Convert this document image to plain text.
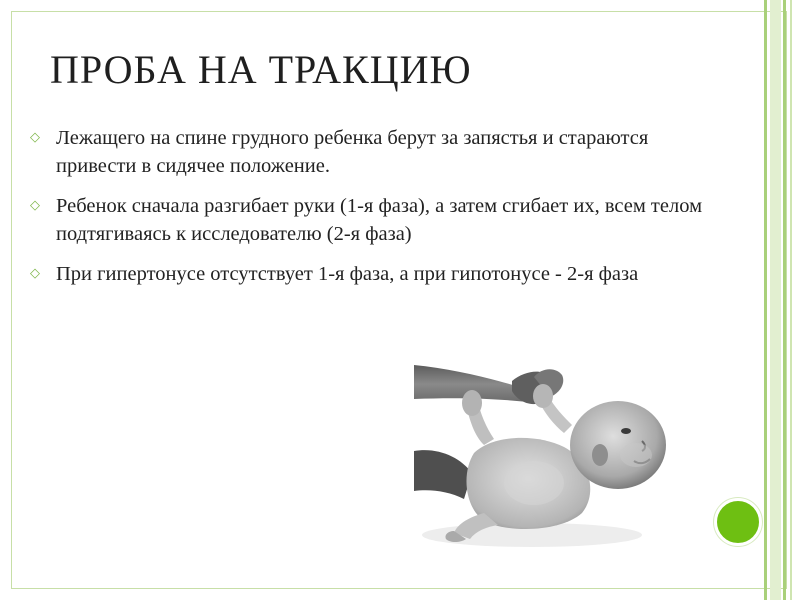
ПРОБА НА ТРАКЦИЮ
◇ Лежащего на спине грудного ребенка берут за запястья и стараются привести в сидячее положение.
◇ Ребенок сначала разгибает руки (1-я фаза), а затем сгибает их, всем телом подтягиваясь к исследователю (2-я фаза)
◇ При гипертонусе отсутствует 1-я фаза, а при гипотонусе - 2-я фаза
